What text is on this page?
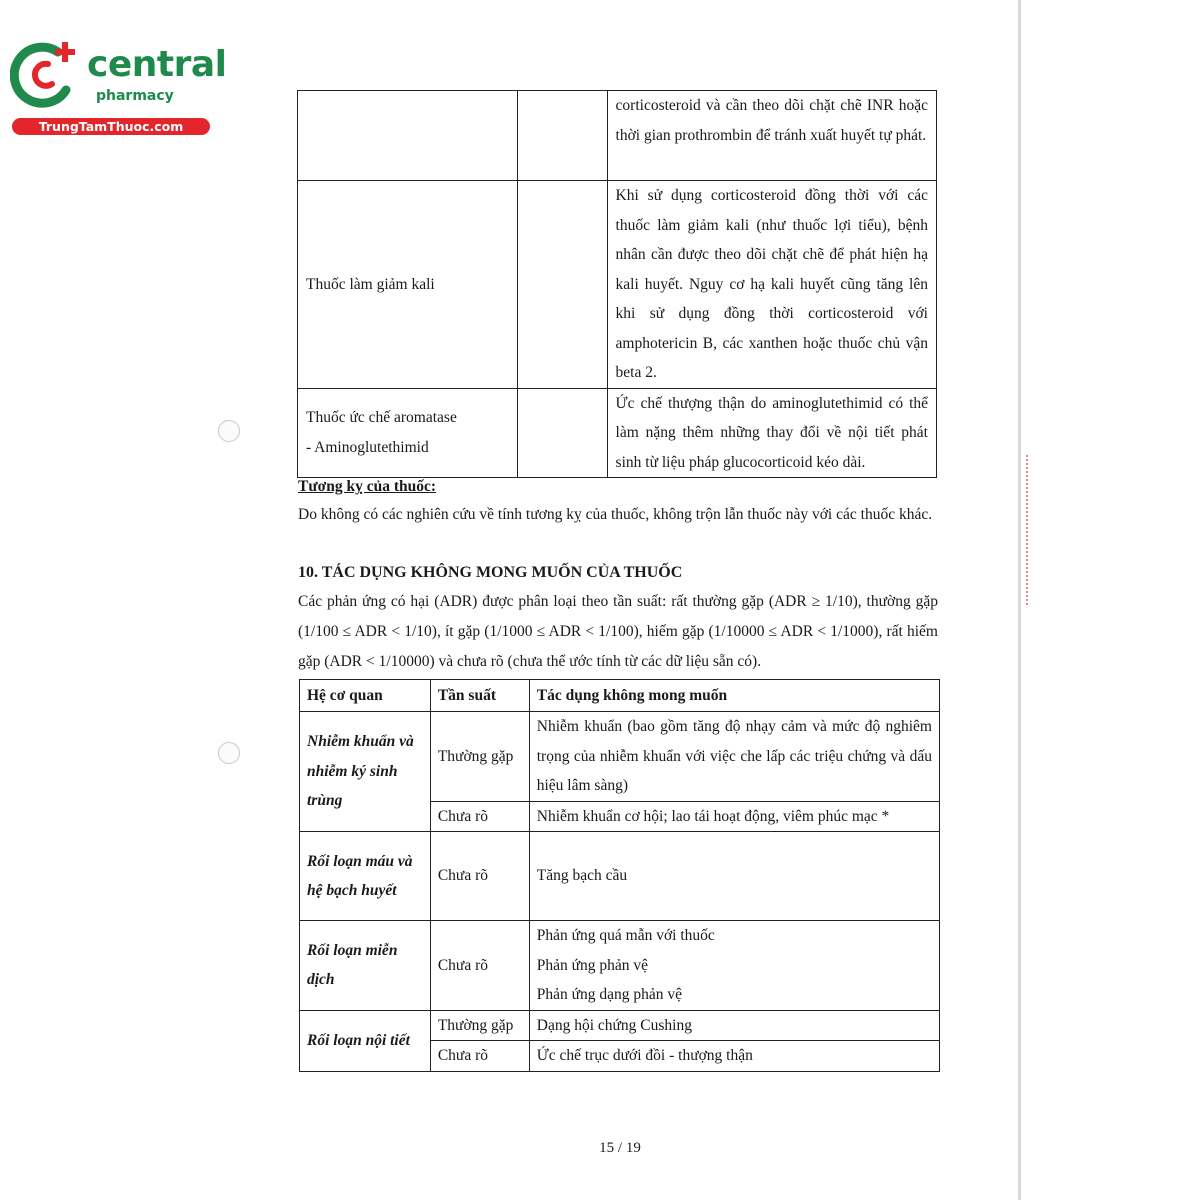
central
pharmacy
TrungTamThuoc.com
		corticosteroid và cần theo dõi chặt chẽ INR hoặc thời gian prothrombin để tránh xuất huyết tự phát.
Thuốc làm giảm kali		Khi sử dụng corticosteroid đồng thời với các thuốc làm giảm kali (như thuốc lợi tiểu), bệnh nhân cần được theo dõi chặt chẽ để phát hiện hạ kali huyết. Nguy cơ hạ kali huyết cũng tăng lên khi sử dụng đồng thời corticosteroid với amphotericin B, các xanthen hoặc thuốc chủ vận beta 2.

Thuốc ức chế aromatase
- Aminoglutethimid		Ức chế thượng thận do aminoglutethimid có thể làm nặng thêm những thay đổi về nội tiết phát sinh từ liệu pháp glucocorticoid kéo dài.
Tương kỵ của thuốc:
Do không có các nghiên cứu về tính tương kỵ của thuốc, không trộn lẫn thuốc này với các thuốc khác.
10. TÁC DỤNG KHÔNG MONG MUỐN CỦA THUỐC
Các phản ứng có hại (ADR) được phân loại theo tần suất: rất thường gặp (ADR ≥ 1/10), thường gặp (1/100 ≤ ADR < 1/10), ít gặp (1/1000 ≤ ADR < 1/100), hiếm gặp (1/10000 ≤ ADR < 1/1000), rất hiếm gặp (ADR < 1/10000) và chưa rõ (chưa thể ước tính từ các dữ liệu sẵn có).
Hệ cơ quan	Tần suất	Tác dụng không mong muốn
Nhiễm khuẩn và nhiễm ký sinh trùng	Thường gặp	Nhiễm khuẩn (bao gồm tăng độ nhạy cảm và mức độ nghiêm trọng của nhiễm khuẩn với việc che lấp các triệu chứng và dấu hiệu lâm sàng)
	Chưa rõ	Nhiễm khuẩn cơ hội; lao tái hoạt động, viêm phúc mạc *
Rối loạn máu và hệ bạch huyết	Chưa rõ	Tăng bạch cầu
Rối loạn miễn dịch	Chưa rõ	Phản ứng quá mẫn với thuốc
Phản ứng phản vệ
Phản ứng dạng phản vệ

Rối loạn nội tiết	Thường gặp	Dạng hội chứng Cushing
	Chưa rõ	Ức chế trục dưới đồi - thượng thận
15 / 19
